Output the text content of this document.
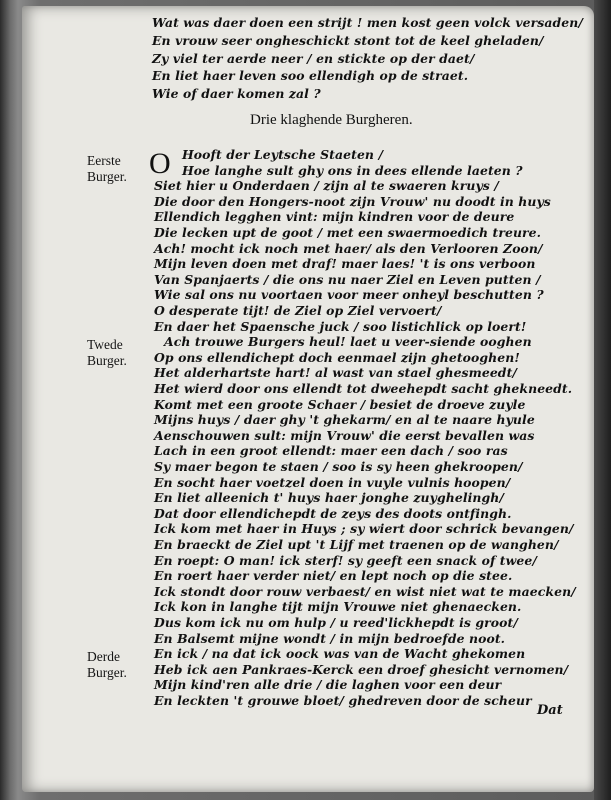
Wat was daer doen een strijt ! men kost geen volck versaden/
En vrouw seer ongheschickt stont tot de keel gheladen/
Zy viel ter aerde neer / en stickte op der daet/
En liet haer leven soo ellendigh op de straet.
Wie of daer komen zal ?
Drie klaghende Burgheren.
Eerste
Burger.
Twede
Burger.
Derde
Burger.
O Hooft der Leytsche Staeten /
Hoe langhe sult ghy ons in dees ellende laeten ?
Siet hier u Onderdaen / zijn al te swaeren kruys /
Die door den Hongers-noot zijn Vrouw' nu doodt in huys
Ellendich legghen vint: mijn kindren voor de deure
Die lecken upt de goot / met een swaermoedich treure.
Ach! mocht ick noch met haer/ als den Verlooren Zoon/
Mijn leven doen met draf! maer laes! 't is ons verboon
Van Spanjaerts / die ons nu naer Ziel en Leven putten /
Wie sal ons nu voortaen voor meer onheyl beschutten ?
O desperate tijt! de Ziel op Ziel vervoert/
En daer het Spaensche juck / soo listichlick op loert!
Ach trouwe Burgers heul! laet u veer-siende ooghen
Op ons ellendichept doch eenmael zijn ghetooghen!
Het alderhartste hart! al wast van stael ghesmeedt/
Het wierd door ons ellendt tot dweehepdt sacht ghekneedt.
Komt met een groote Schaer / besiet de droeve zuyle
Mijns huys / daer ghy 't ghekarm/ en al te naare hyule
Aenschouwen sult: mijn Vrouw' die eerst bevallen was
Lach in een groot ellendt: maer een dach / soo ras
Sy maer begon te staen / soo is sy heen ghekroopen/
En socht haer voetzel doen in vuyle vulnis hoopen/
En liet alleenich t' huys haer jonghe zuyghelingh/
Dat door ellendichepdt de zeys des doots ontfingh.
Ick kom met haer in Huys ; sy wiert door schrick bevangen/
En braeckt de Ziel upt 't Lijf met traenen op de wanghen/
En roept: O man! ick sterf! sy geeft een snack of twee/
En roert haer verder niet/ en lept noch op die stee.
Ick stondt door rouw verbaest/ en wist niet wat te maecken/
Ick kon in langhe tijt mijn Vrouwe niet ghenaecken.
Dus kom ick nu om hulp / u reed'lickhepdt is groot/
En Balsemt mijne wondt / in mijn bedroefde noot.
En ick / na dat ick oock was van de Wacht ghekomen
Heb ick aen Pankraes-Kerck een droef ghesicht vernomen/
Mijn kind'ren alle drie / die laghen voor een deur
En leckten 't grouwe bloet/ ghedreven door de scheur
Dat
